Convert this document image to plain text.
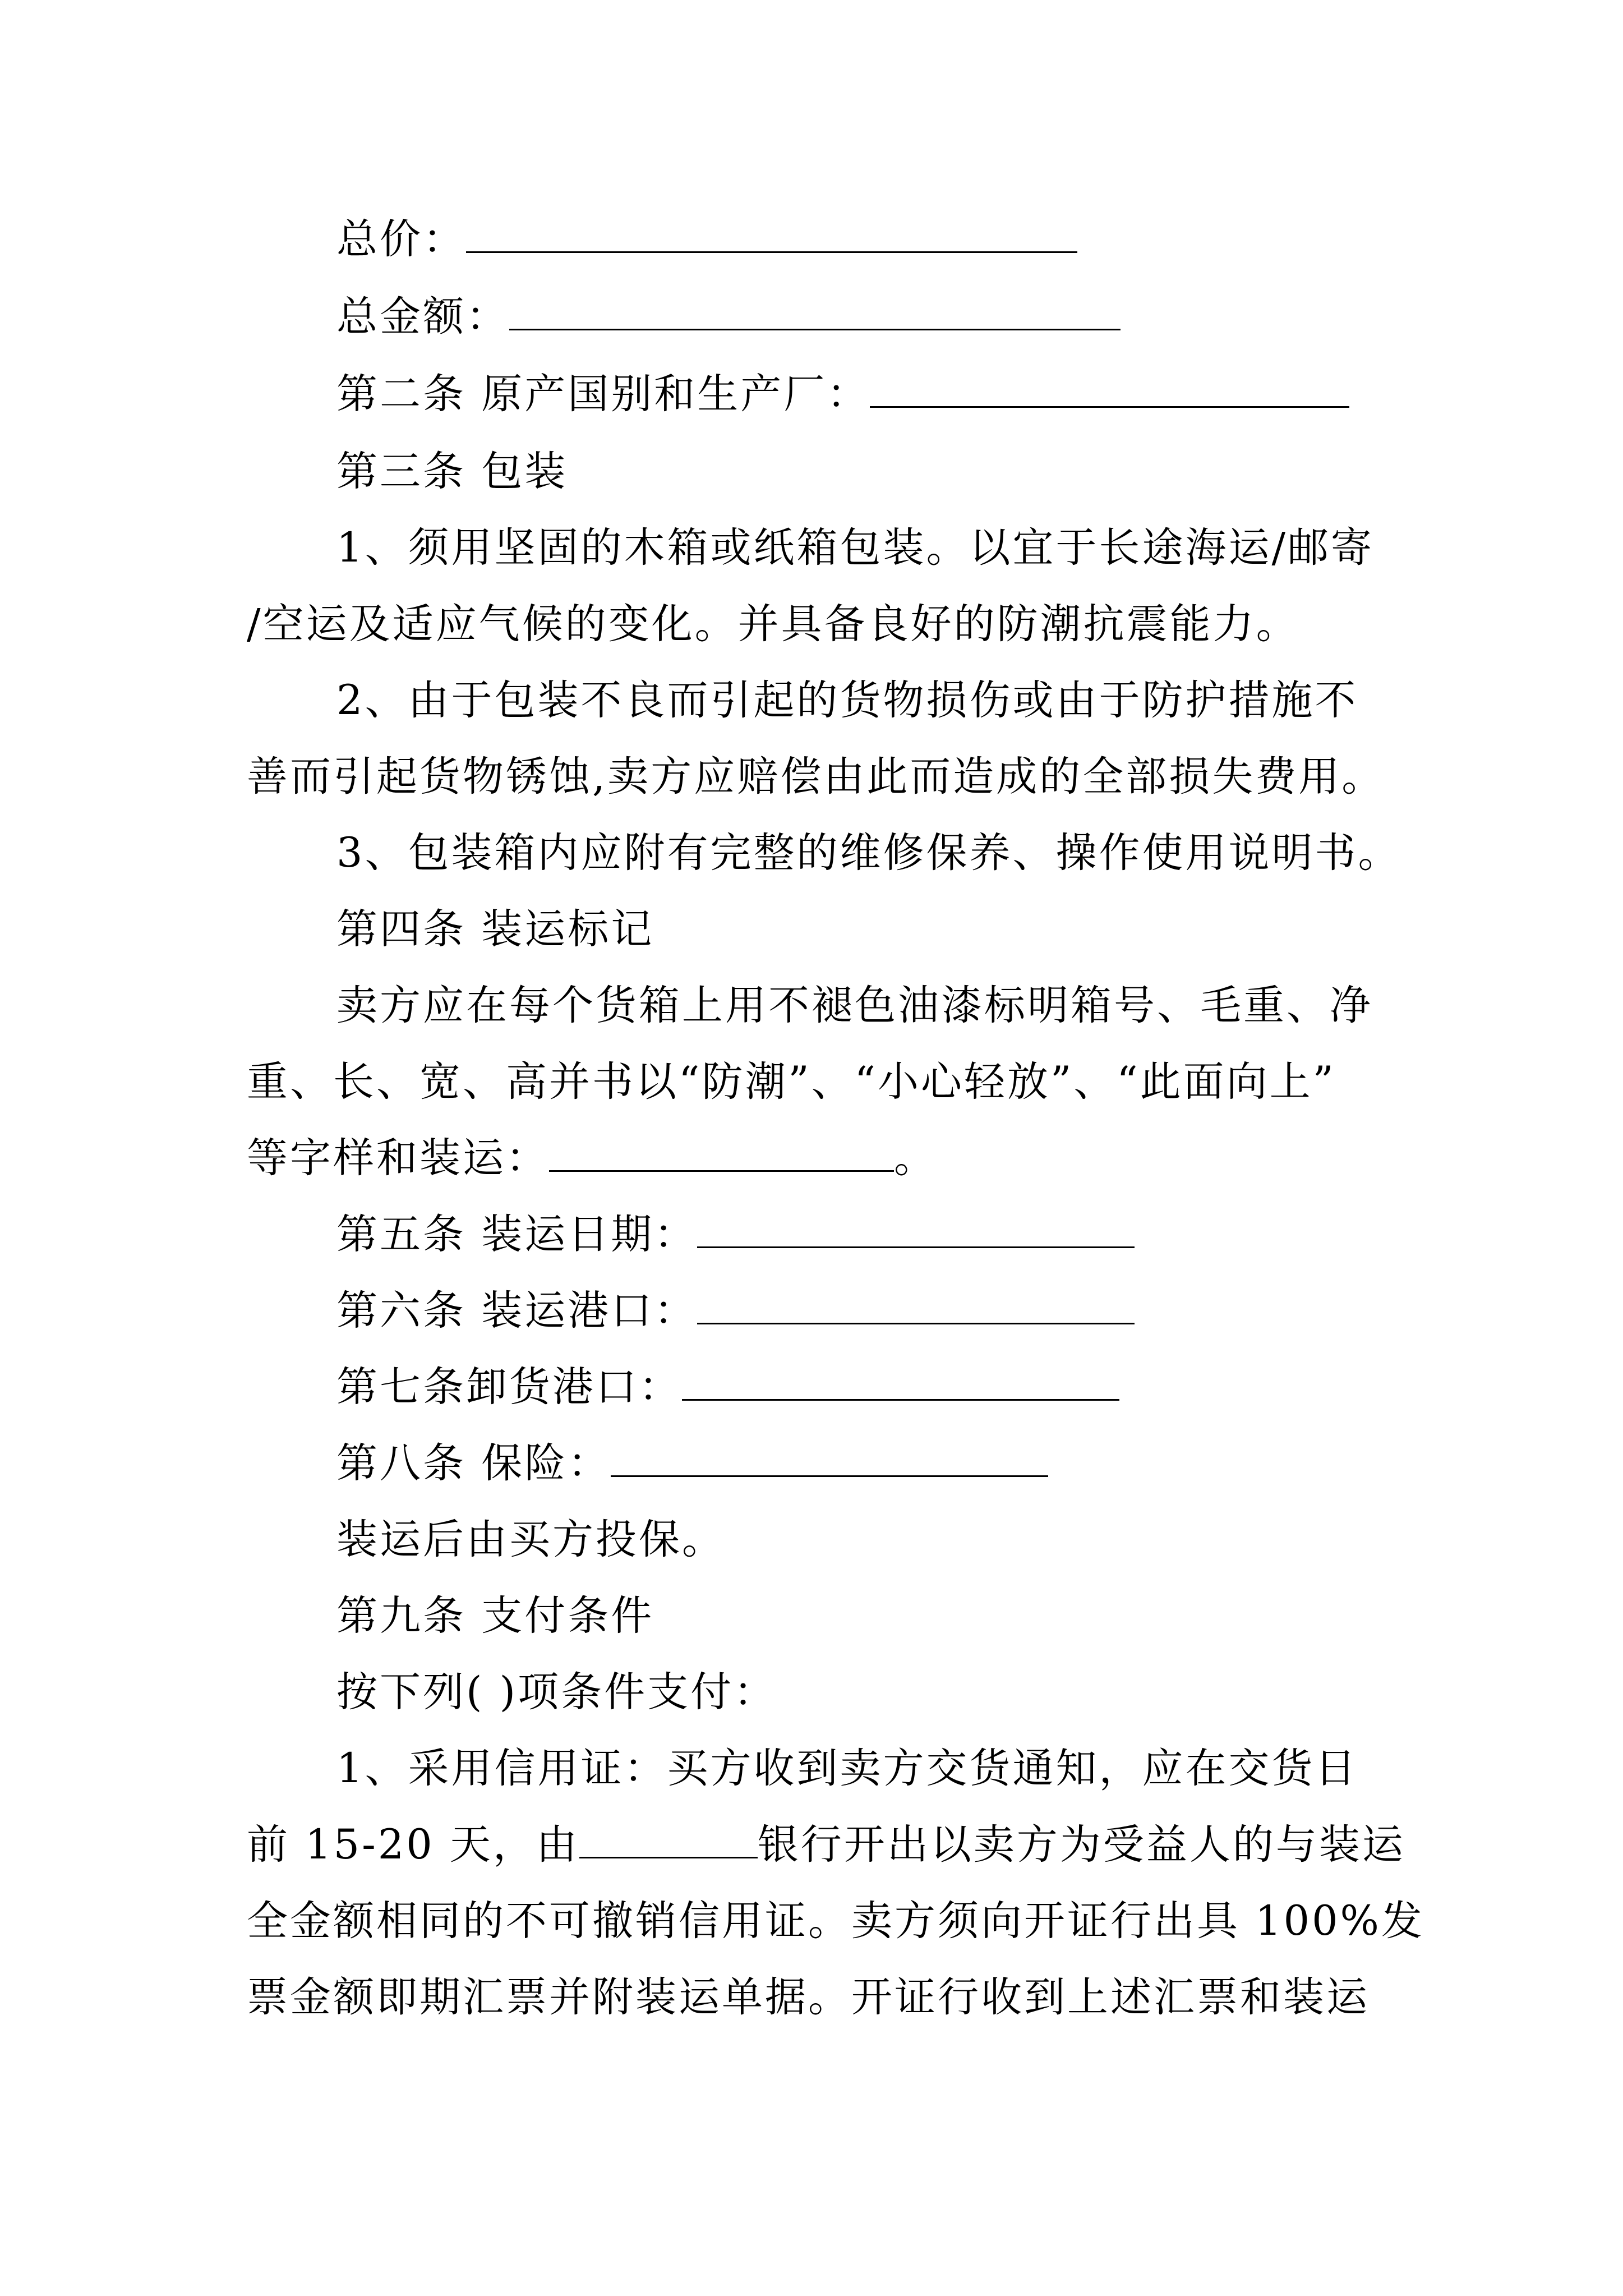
总价：
总金额：
第二条 原产国别和生产厂：
第三条 包装
1、须用坚固的木箱或纸箱包装。以宜于长途海运/邮寄
/空运及适应气候的变化。并具备良好的防潮抗震能力。
2、由于包装不良而引起的货物损伤或由于防护措施不
善而引起货物锈蚀,卖方应赔偿由此而造成的全部损失费用。
3、包装箱内应附有完整的维修保养、操作使用说明书。
第四条 装运标记
卖方应在每个货箱上用不褪色油漆标明箱号、毛重、净
重、长、宽、高并书以“防潮”、“小心轻放”、“此面向上”
等字样和装运：	。
第五条 装运日期：
第六条 装运港口：
第七条卸货港口：
第八条 保险：
装运后由买方投保。
第九条 支付条件
按下列( )项条件支付：
1、采用信用证：买方收到卖方交货通知，应在交货日
前 15-20 天，由	银行开出以卖方为受益人的与装运
全金额相同的不可撤销信用证。卖方须向开证行出具 100%发
票金额即期汇票并附装运单据。开证行收到上述汇票和装运
